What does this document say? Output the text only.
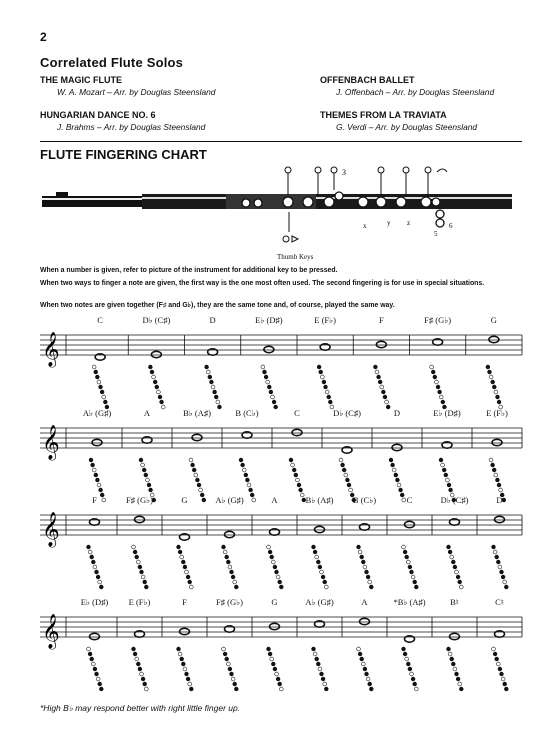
2
Correlated Flute Solos
THE MAGIC FLUTE
W. A. Mozart – Arr. by Douglas Steensland
HUNGARIAN DANCE NO. 6
J. Brahms – Arr. by Douglas Steensland
OFFENBACH BALLET
J. Offenbach – Arr. by Douglas Steensland
THEMES FROM LA TRAVIATA
G. Verdi – Arr. by Douglas Steensland
FLUTE FINGERING CHART
3
x	y z
5
6
Thumb Keys
When a number is given, refer to picture of the instrument for additional key to be pressed.
When two ways to finger a note are given, the first way is the one most often used. The second fingering is for use in special situations.
When two notes are given together (F♯ and G♭), they are the same tone and, of course, played the same way.
C	D♭ (C♯)	D	E♭ (D♯)	E (F♭)	F	F♯ (G♭)	G
𝄞
A♭ (G♯)	A	B♭ (A♯)	B (C♭)	C	D♭ (C♯)	D	E♭ (D♯)	E (F♭)
𝄞
F	F♯ (G♭)	G	A♭ (G♯)	A	B♭ (A♯) B (C♭)	C	D♭ (C♯)	D
𝄞
E♭ (D♯) E (F♭)	F	F♯ (G♭)	G	A♭ (G♯)	A	*B♭ (A♯)	B♮	C♮
𝄞
*High B♭ may respond better with right little finger up.
